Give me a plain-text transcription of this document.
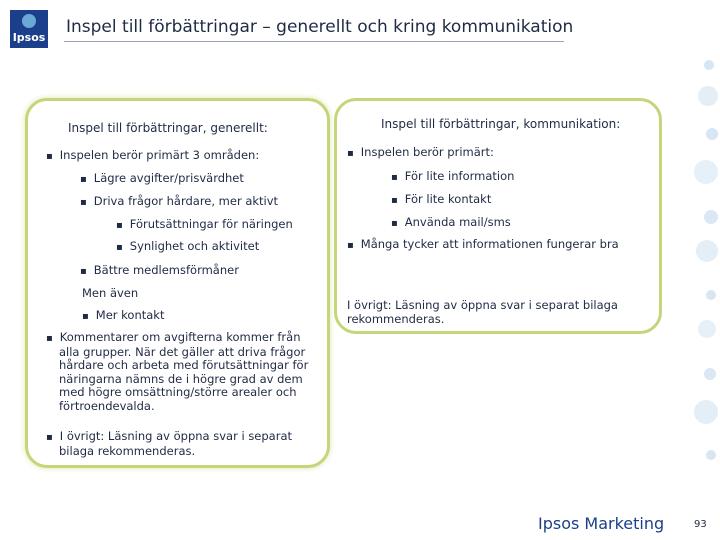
Ipsos
Inspel till förbättringar – generellt och kring kommunikation
Inspel till förbättringar, generellt:
▪ Inspelen berör primärt 3 områden:
▪ Lägre avgifter/prisvärdhet
▪ Driva frågor hårdare, mer aktivt
▪ Förutsättningar för näringen
▪ Synlighet och aktivitet
▪ Bättre medlemsförmåner
Men även
▪ Mer kontakt
▪ Kommentarer om avgifterna kommer från alla grupper. När det gäller att driva frågor hårdare och arbeta med förutsättningar för näringarna nämns de i högre grad av dem med högre omsättning/större arealer och förtroendevalda.
▪ I övrigt: Läsning av öppna svar i separat bilaga rekommenderas.
Inspel till förbättringar, kommunikation:
▪ Inspelen berör primärt:
▪ För lite information
▪ För lite kontakt
▪ Använda mail/sms
▪ Många tycker att informationen fungerar bra
I övrigt: Läsning av öppna svar i separat bilaga rekommenderas.
Ipsos Marketing	93
